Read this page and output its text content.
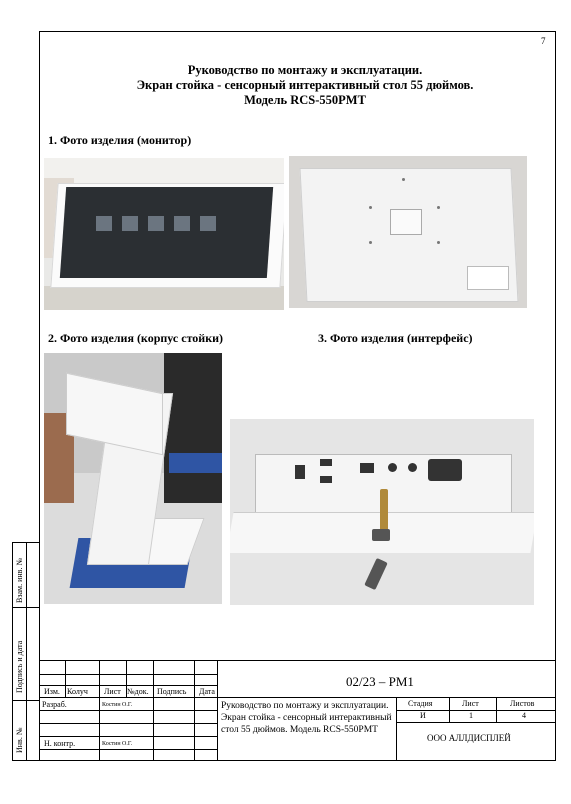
7
Руководство по монтажу и эксплуатации.
Экран стойка - сенсорный интерактивный стол 55 дюймов.
Модель RCS-550PMT
1. Фото изделия (монитор)
2. Фото изделия (корпус стойки)	3. Фото изделия (интерфейс)
Взам. инв. №
Подпись и дата
Инв. №
Изм. Колуч Лист №док. Подпись Дата
Разраб.	Костин О.Г.
Н. контр.	Костин О.Г.
02/23 – PM1
Руководство по монтажу и эксплуатации. Экран стойка - сенсорный интерактивный стол 55 дюймов. Модель RCS-550PMT
Стадия	Лист	Листов
И	1	4
ООО АЛЛДИСПЛЕЙ
